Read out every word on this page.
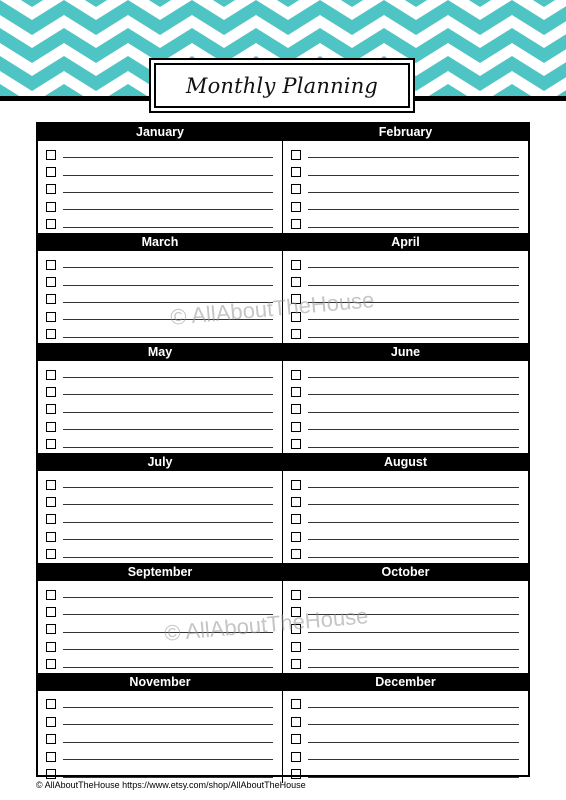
Monthly Planning
January	February
March	April
May	June
July	August
September	October
November	December
© AllAboutTheHouse
© AllAboutTheHouse
© AllAboutTheHouse https://www.etsy.com/shop/AllAboutTheHouse
